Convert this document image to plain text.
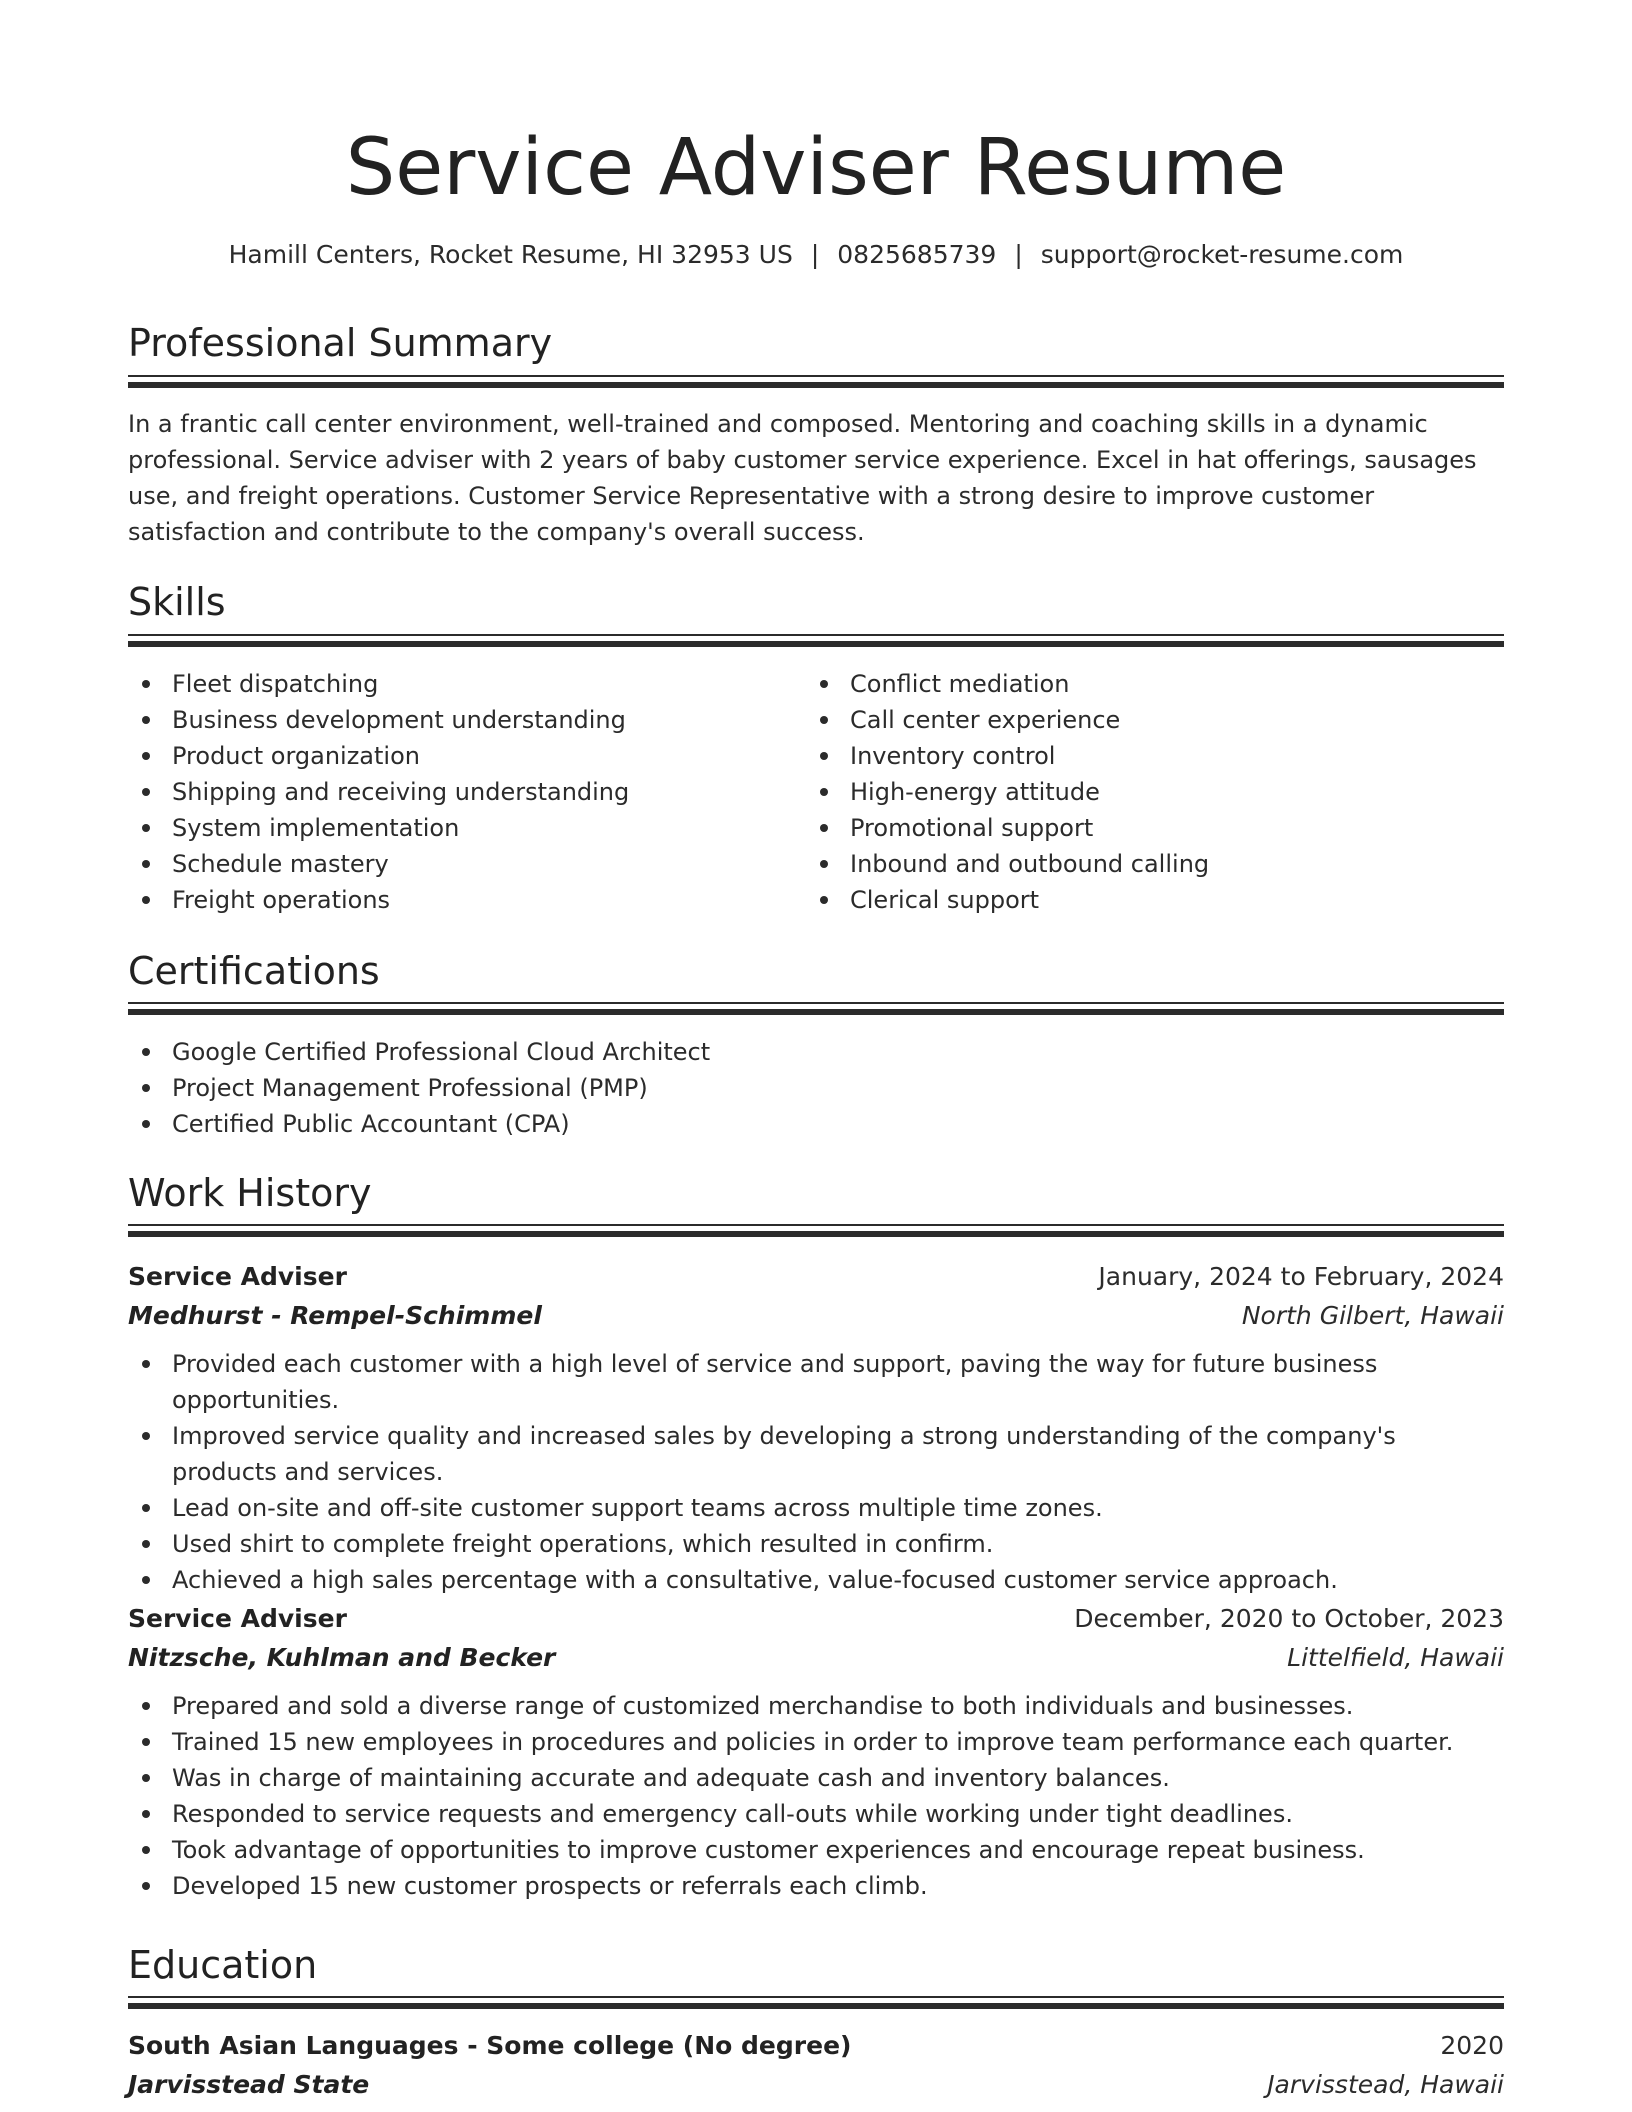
Service Adviser Resume
Hamill Centers, Rocket Resume, HI 32953 US | 0825685739 | support@rocket-resume.com
Professional Summary

In a frantic call center environment, well-trained and composed. Mentoring and coaching skills in a dynamic professional. Service adviser with 2 years of baby customer service experience. Excel in hat offerings, sausages use, and freight operations. Customer Service Representative with a strong desire to improve customer satisfaction and contribute to the company's overall success.

Skills
Fleet dispatching
Business development understanding
Product organization
Shipping and receiving understanding
System implementation
Schedule mastery
Freight operations
Conflict mediation
Call center experience
Inventory control
High-energy attitude
Promotional support
Inbound and outbound calling
Clerical support
Certifications
Google Certified Professional Cloud Architect
Project Management Professional (PMP)
Certified Public Accountant (CPA)
Work History
Service Adviser	January, 2024 to February, 2024
Medhurst - Rempel-Schimmel	North Gilbert, Hawaii
Provided each customer with a high level of service and support, paving the way for future business opportunities.
Improved service quality and increased sales by developing a strong understanding of the company's products and services.
Lead on-site and off-site customer support teams across multiple time zones.
Used shirt to complete freight operations, which resulted in confirm.
Achieved a high sales percentage with a consultative, value-focused customer service approach.
Service Adviser	December, 2020 to October, 2023
Nitzsche, Kuhlman and Becker	Littelfield, Hawaii
Prepared and sold a diverse range of customized merchandise to both individuals and businesses.
Trained 15 new employees in procedures and policies in order to improve team performance each quarter.
Was in charge of maintaining accurate and adequate cash and inventory balances.
Responded to service requests and emergency call-outs while working under tight deadlines.
Took advantage of opportunities to improve customer experiences and encourage repeat business.
Developed 15 new customer prospects or referrals each climb.
Education
South Asian Languages - Some college (No degree)	2020
Jarvisstead State	Jarvisstead, Hawaii
